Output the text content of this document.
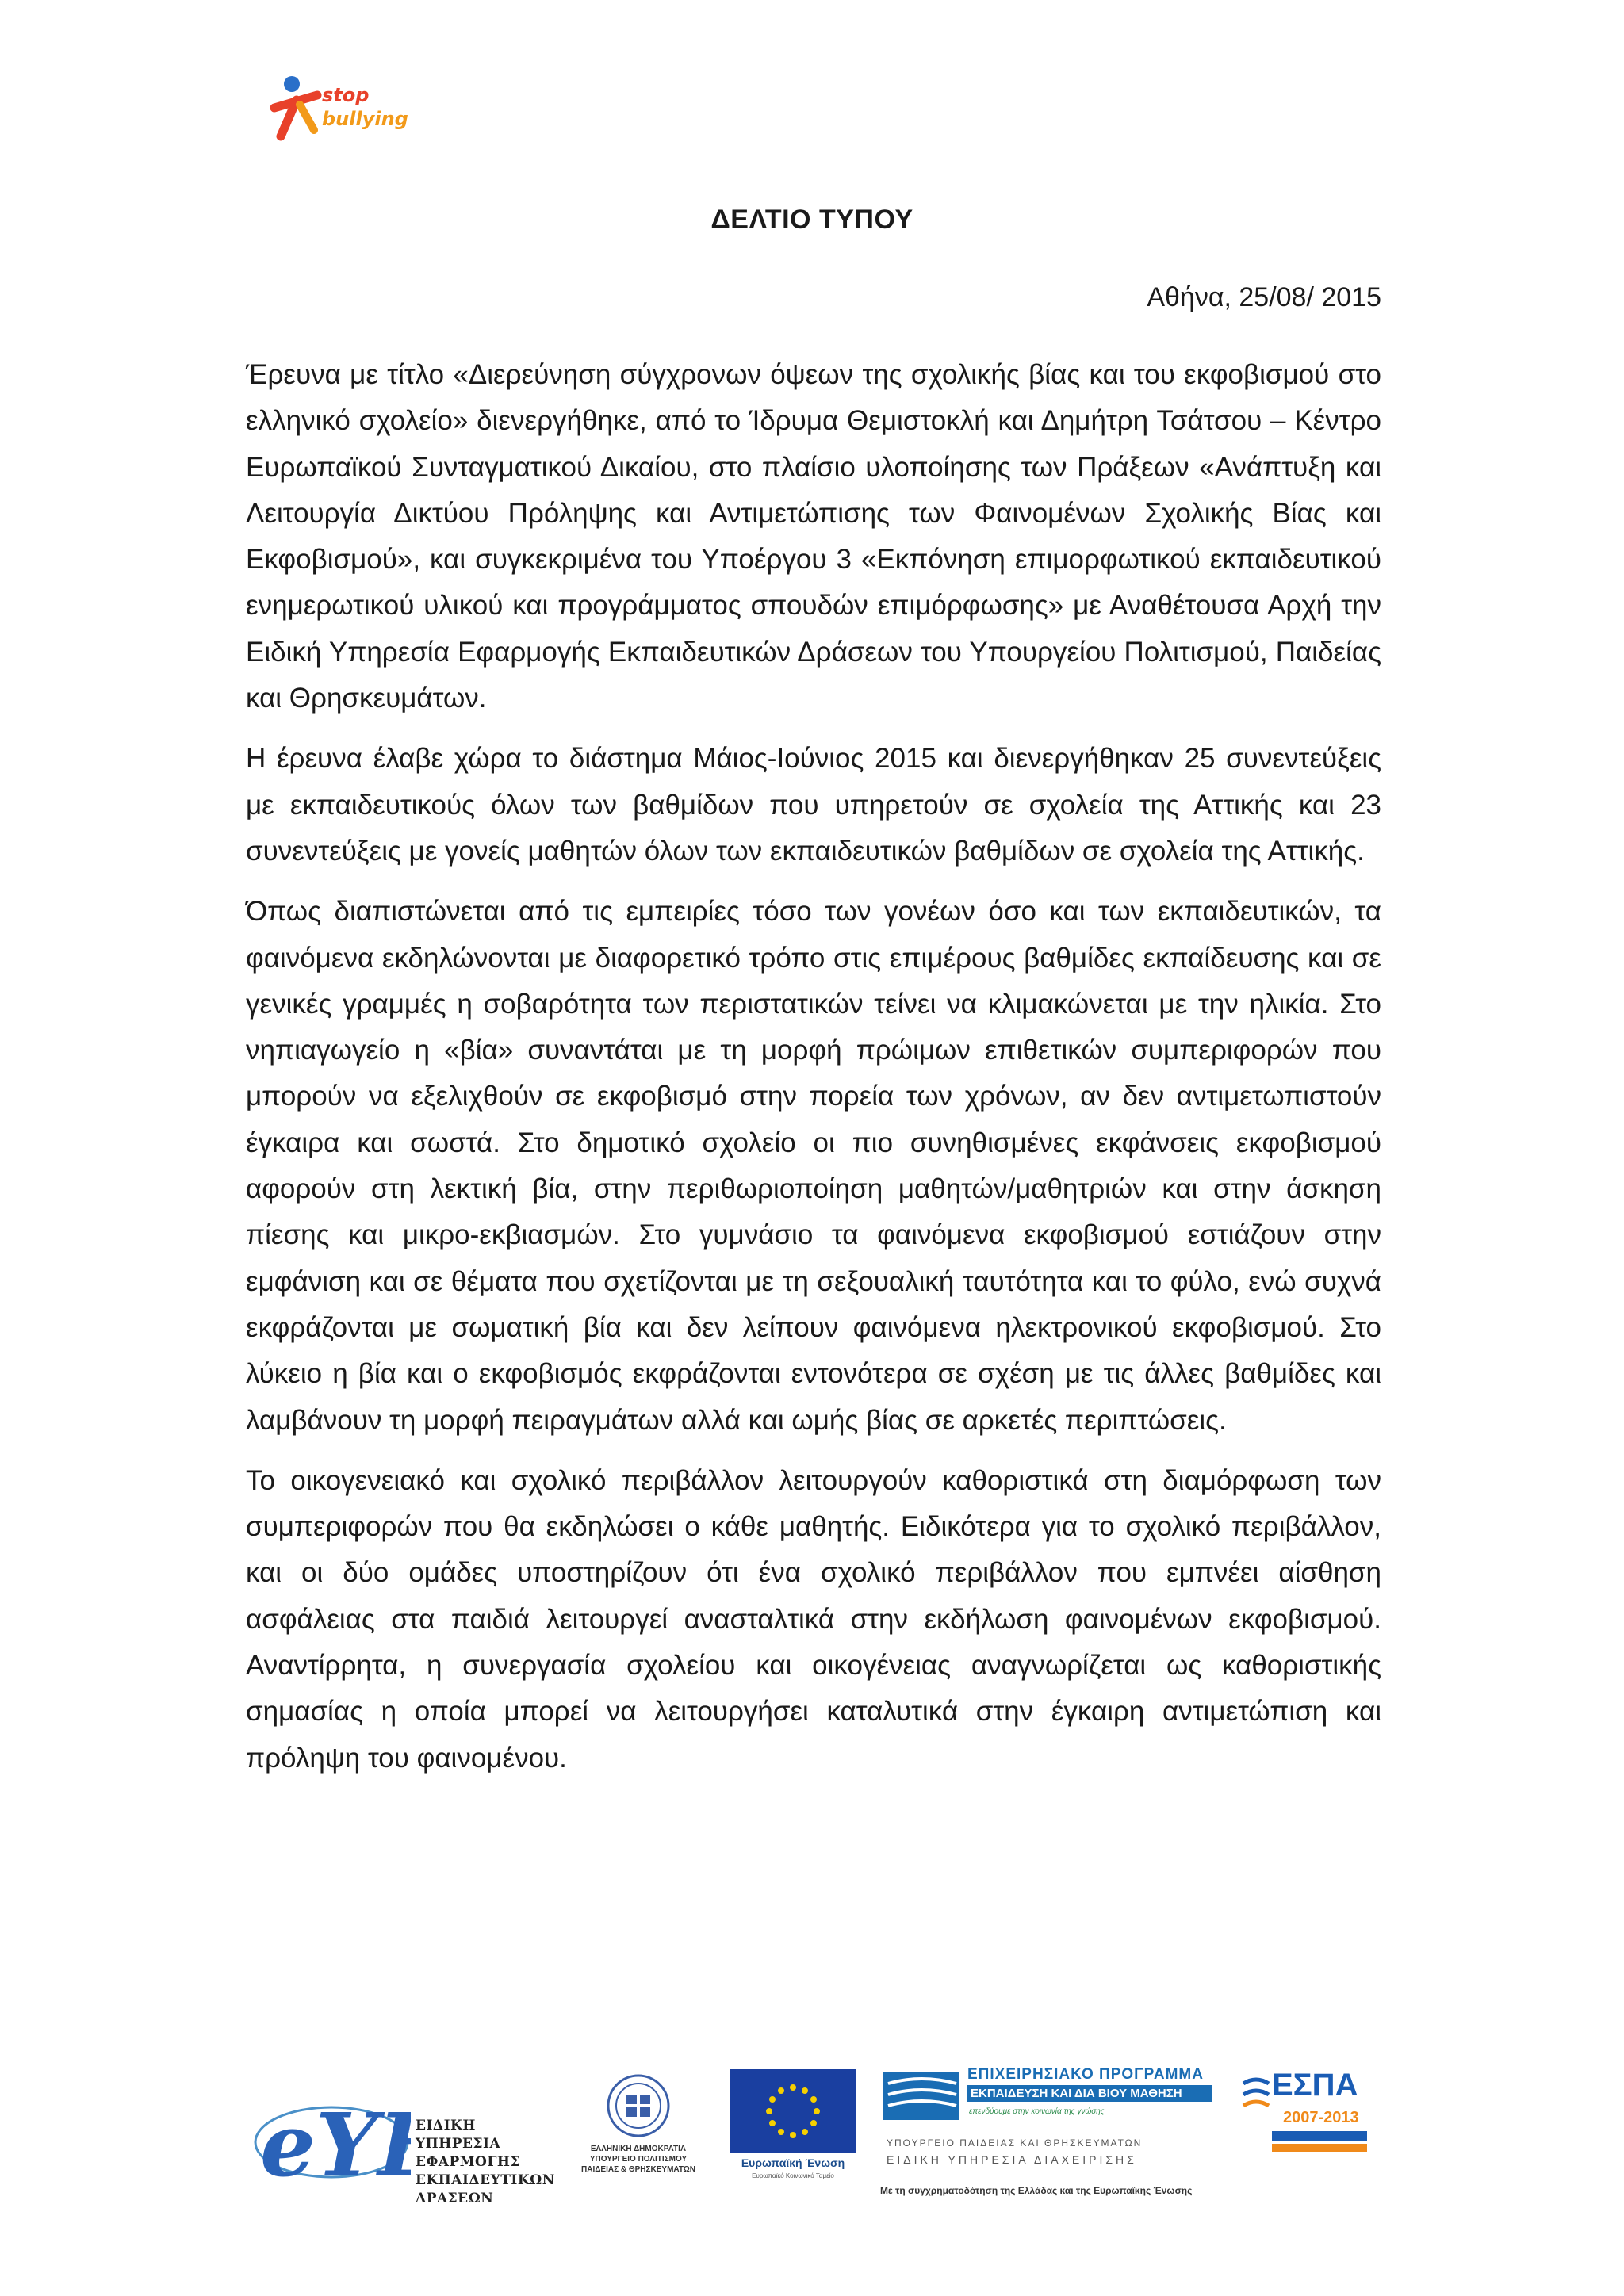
stop
bullying
ΔΕΛΤΙΟ ΤΥΠΟΥ
Αθήνα, 25/08/ 2015

Έρευνα με τίτλο «Διερεύνηση σύγχρονων όψεων της σχολικής βίας και του εκφοβισμού στο ελληνικό σχολείο» διενεργήθηκε, από το Ίδρυμα Θεμιστοκλή και Δημήτρη Τσάτσου – Κέντρο Ευρωπαϊκού Συνταγματικού Δικαίου, στο πλαίσιο υλοποίησης των Πράξεων «Ανάπτυξη και Λειτουργία Δικτύου Πρόληψης και Αντιμετώπισης των Φαινομένων Σχολικής Βίας και Εκφοβισμού», και συγκεκριμένα του Υποέργου 3 «Εκπόνηση επιμορφωτικού εκπαιδευτικού ενημερωτικού υλικού και προγράμματος σπουδών επιμόρφωσης» με Αναθέτουσα Αρχή την Ειδική Υπηρεσία Εφαρμογής Εκπαιδευτικών Δράσεων του Υπουργείου Πολιτισμού, Παιδείας και Θρησκευμάτων.

Η έρευνα έλαβε χώρα το διάστημα Μάιος-Ιούνιος 2015 και διενεργήθηκαν 25 συνεντεύξεις με εκπαιδευτικούς όλων των βαθμίδων που υπηρετούν σε σχολεία της Αττικής και 23 συνεντεύξεις με γονείς μαθητών όλων των εκπαιδευτικών βαθμίδων σε σχολεία της Αττικής.

Όπως διαπιστώνεται από τις εμπειρίες τόσο των γονέων όσο και των εκπαιδευτικών, τα φαινόμενα εκδηλώνονται με διαφορετικό τρόπο στις επιμέρους βαθμίδες εκπαίδευσης και σε γενικές γραμμές η σοβαρότητα των περιστατικών τείνει να κλιμακώνεται με την ηλικία. Στο νηπιαγωγείο η «βία» συναντάται με τη μορφή πρώιμων επιθετικών συμπεριφορών που μπορούν να εξελιχθούν σε εκφοβισμό στην πορεία των χρόνων, αν δεν αντιμετωπιστούν έγκαιρα και σωστά. Στο δημοτικό σχολείο οι πιο συνηθισμένες εκφάνσεις εκφοβισμού αφορούν στη λεκτική βία, στην περιθωριοποίηση μαθητών/μαθητριών και στην άσκηση πίεσης και μικρο-εκβιασμών. Στο γυμνάσιο τα φαινόμενα εκφοβισμού εστιάζουν στην εμφάνιση και σε θέματα που σχετίζονται με τη σεξουαλική ταυτότητα και το φύλο, ενώ συχνά εκφράζονται με σωματική βία και δεν λείπουν φαινόμενα ηλεκτρονικού εκφοβισμού. Στο λύκειο η βία και ο εκφοβισμός εκφράζονται εντονότερα σε σχέση με τις άλλες βαθμίδες και λαμβάνουν τη μορφή πειραγμάτων αλλά και ωμής βίας σε αρκετές περιπτώσεις.

Το οικογενειακό και σχολικό περιβάλλον λειτουργούν καθοριστικά στη διαμόρφωση των συμπεριφορών που θα εκδηλώσει ο κάθε μαθητής. Ειδικότερα για το σχολικό περιβάλλον, και οι δύο ομάδες υποστηρίζουν ότι ένα σχολικό περιβάλλον που εμπνέει αίσθηση ασφάλειας στα παιδιά λειτουργεί ανασταλτικά στην εκδήλωση φαινομένων εκφοβισμού. Αναντίρρητα, η συνεργασία σχολείου και οικογένειας αναγνωρίζεται ως καθοριστικής σημασίας η οποία μπορεί να λειτουργήσει καταλυτικά στην έγκαιρη αντιμετώπιση και πρόληψη του φαινομένου.

eY	ΕΙΔΙΚΗ
ΥΠΗΡΕΣΙΑ
ΕΦΑΡΜΟΓΗΣ
ΕΚΠΑΙΔΕΥΤΙΚΩΝ
ΔΡΑΣΕΩΝ
ΕΛΛΗΝΙΚΗ ΔΗΜΟΚΡΑΤΙΑ
ΥΠΟΥΡΓΕΙΟ ΠΟΛΙΤΙΣΜΟΥ
ΠΑΙΔΕΙΑΣ & ΘΡΗΣΚΕΥΜΑΤΩΝ
Ευρωπαϊκή Ένωση
Ευρωπαϊκό Κοινωνικό Ταμείο
ΕΠΙΧΕΙΡΗΣΙΑΚΟ ΠΡΟΓΡΑΜΜΑ
ΕΚΠΑΙΔΕΥΣΗ ΚΑΙ ΔΙΑ ΒΙΟΥ ΜΑΘΗΣΗ
επενδύουμε στην κοινωνία της γνώσης
ΥΠΟΥΡΓΕΙΟ ΠΑΙΔΕΙΑΣ ΚΑΙ ΘΡΗΣΚΕΥΜΑΤΩΝ
ΕΙΔΙΚΗ ΥΠΗΡΕΣΙΑ ΔΙΑΧΕΙΡΙΣΗΣ
ΕΣΠΑ
2007-2013
Με τη συγχρηματοδότηση της Ελλάδας και της Ευρωπαϊκής Ένωσης
